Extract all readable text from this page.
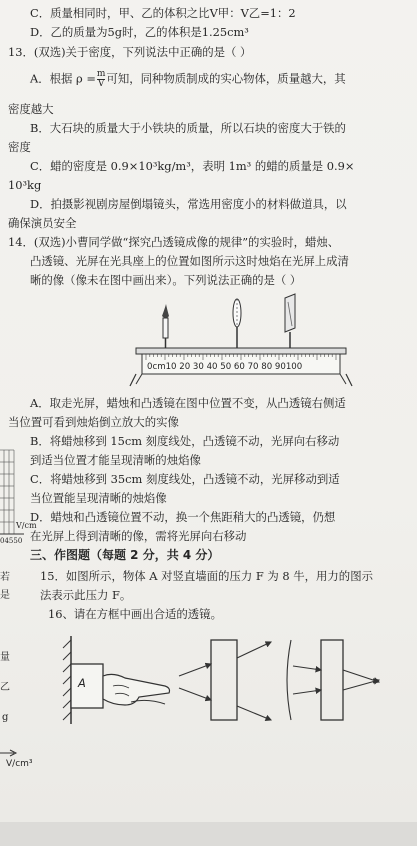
C．质量相同时，甲、乙的体积之比V甲：V乙=1：2
D．乙的质量为5g时，乙的体积是1.25cm³
13．(双选)关于密度，下列说法中正确的是（ ）
A．根据 $\rho = \frac{m}{V}$ 可知，同种物质制成的实心物体，质量越大，其
密度越大
B．大石块的质量大于小铁块的质量，所以石块的密度大于铁的
密度
C．蜡的密度是 0.9×10³kg/m³，表明 1m³ 的蜡的质量是 0.9×
10³kg
D．拍摄影视剧房屋倒塌镜头，常选用密度小的材料做道具，以
确保演员安全
14．(双选)小曹同学做“探究凸透镜成像的规律”的实验时，蜡烛、
凸透镜、光屏在光具座上的位置如图所示这时烛焰在光屏上成清
晰的像（像未在图中画出来）。下列说法正确的是（ ）
0cm10 20 30 40 50 60 70 80 90100
A．取走光屏，蜡烛和凸透镜在图中位置不变，从凸透镜右侧适
当位置可看到烛焰倒立放大的实像
B．将蜡烛移到 15cm 刻度线处，凸透镜不动，光屏向右移动
到适当位置才能呈现清晰的烛焰像
C．将蜡烛移到 35cm 刻度线处，凸透镜不动，光屏移动到适
当位置能呈现清晰的烛焰像
D．蜡烛和凸透镜位置不动，换一个焦距稍大的凸透镜，仍想
在光屏上得到清晰的像，需将光屏向右移动
三、作图题（每题 2 分，共 4 分）
15．如图所示，物体 A 对竖直墙面的压力 F 为 8 牛，用力的图示
法表示此压力 F。
16、请在方框中画出合适的透镜。
A
V/cm
04550
若
是
量
乙
g
V/cm³
